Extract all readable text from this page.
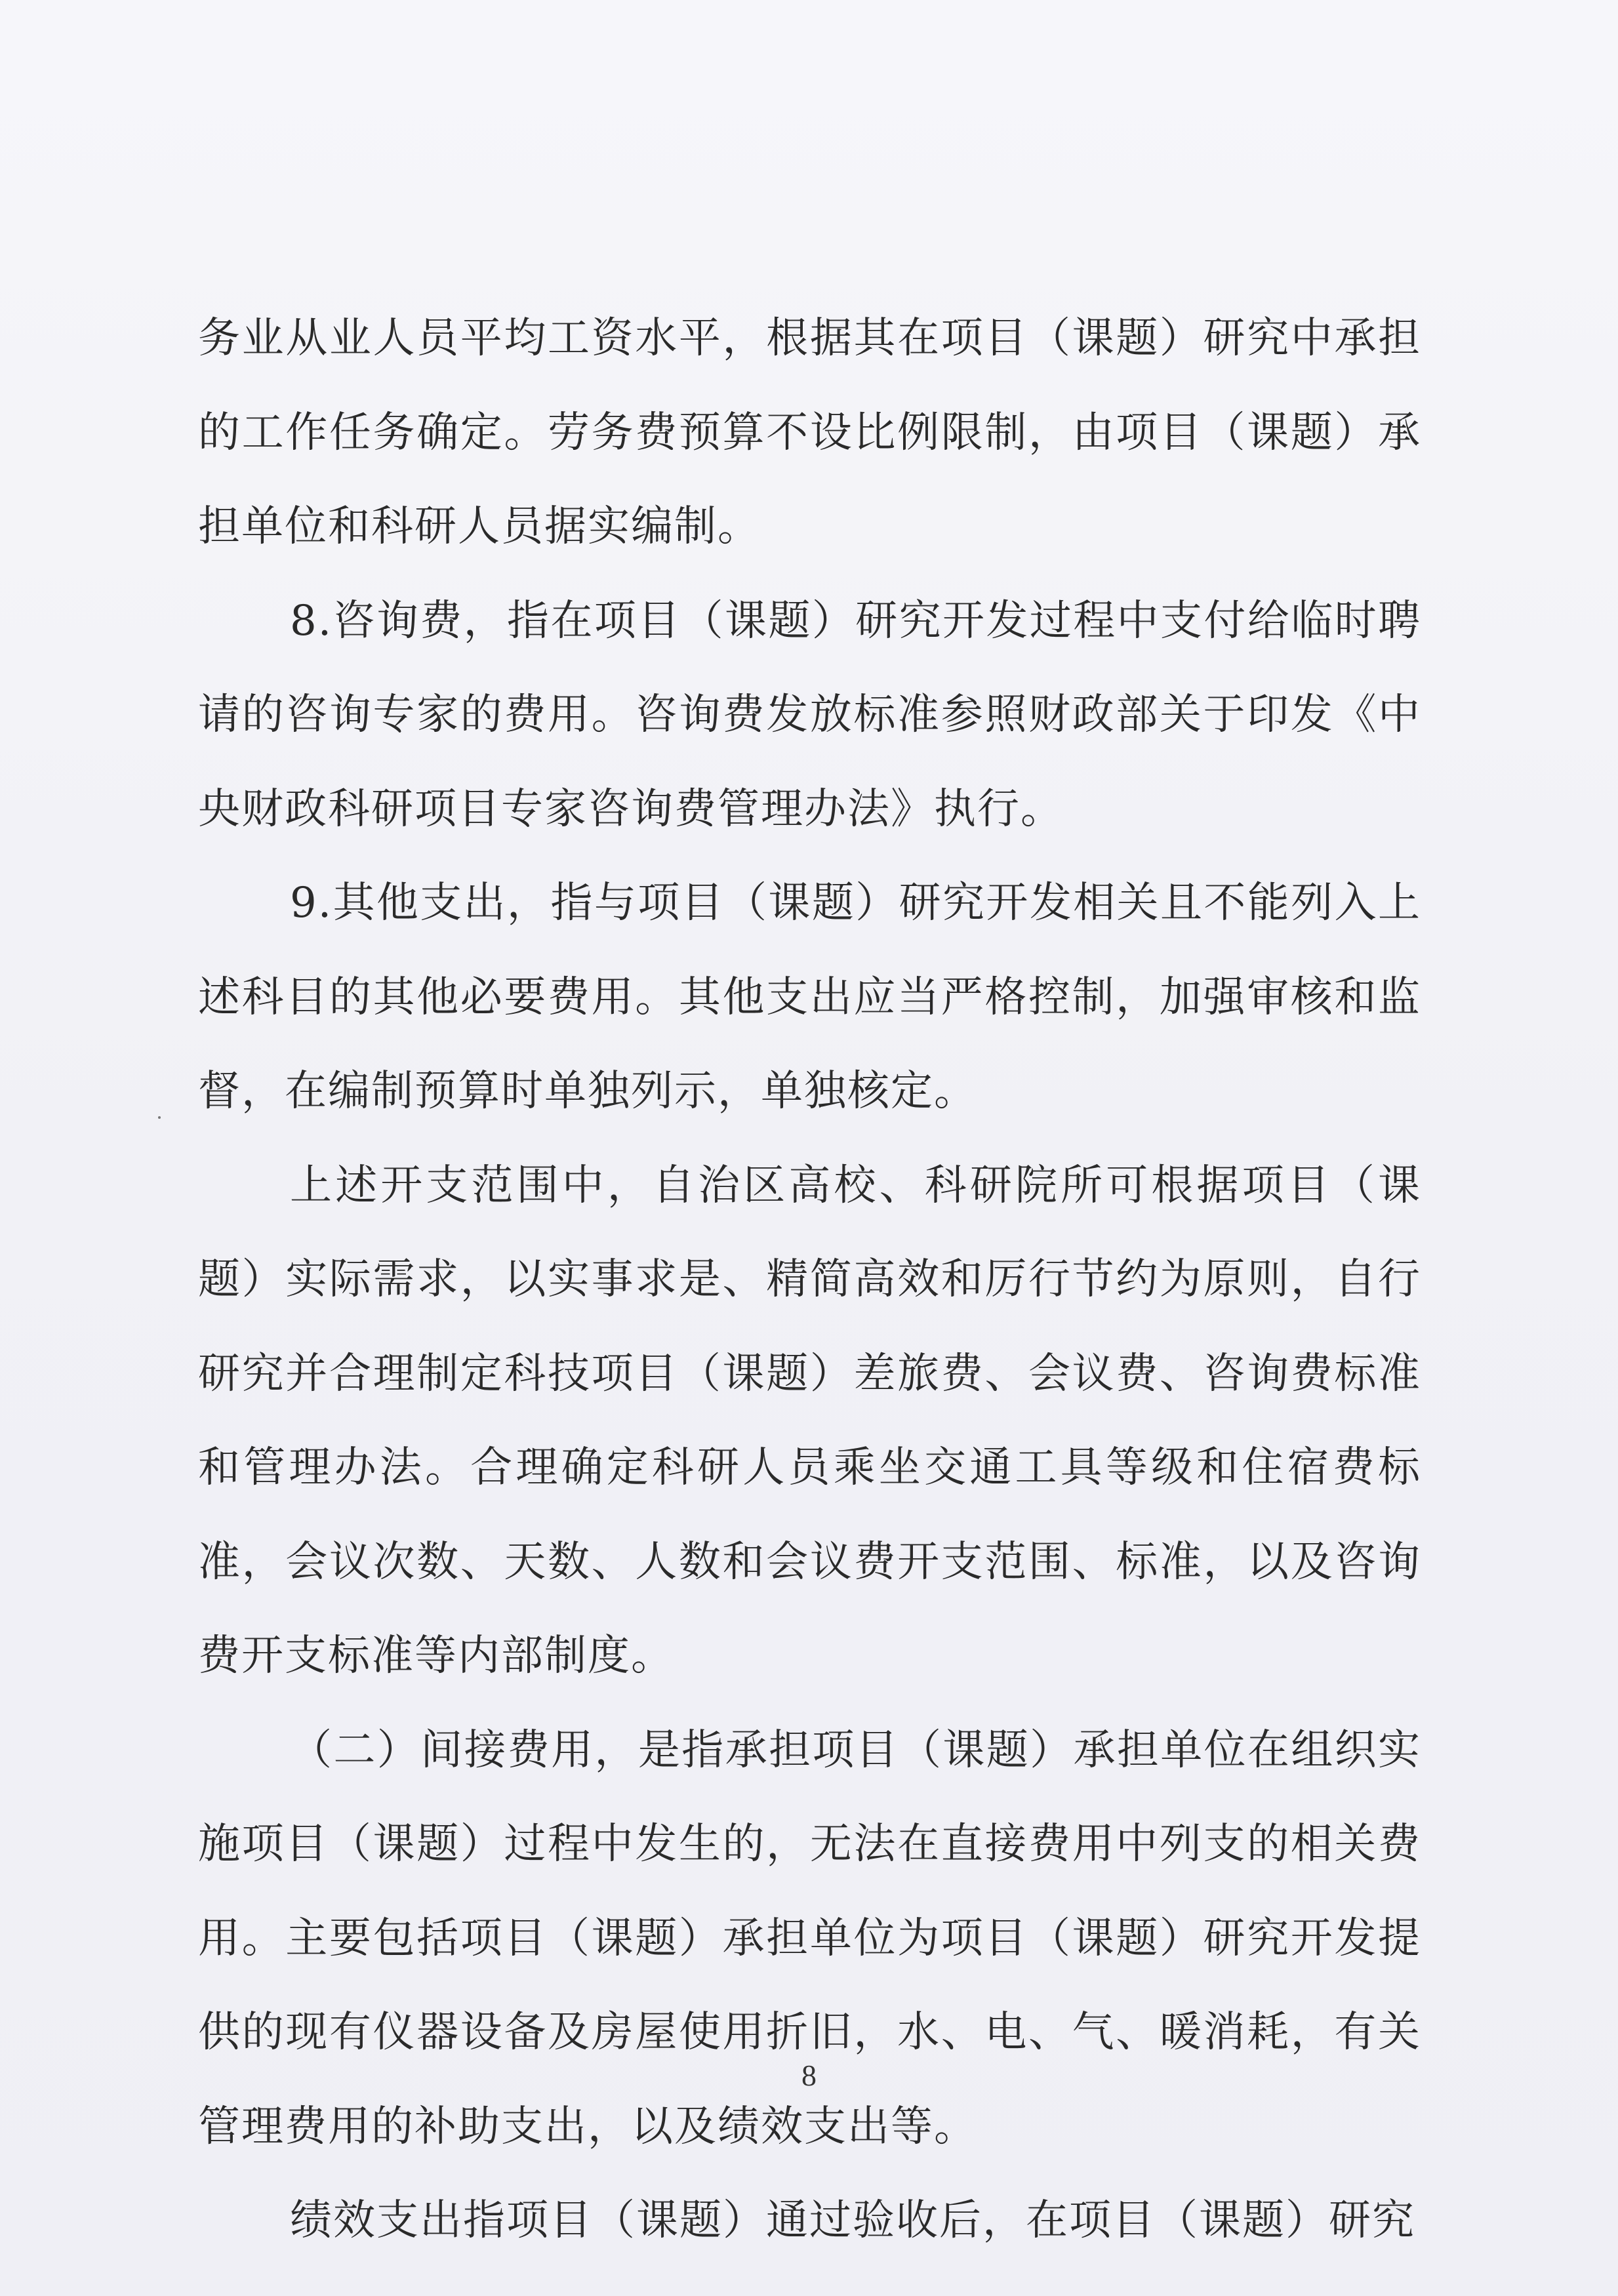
务业从业人员平均工资水平，根据其在项目（课题）研究中承担的工作任务确定。劳务费预算不设比例限制，由项目（课题）承担单位和科研人员据实编制。

8.咨询费，指在项目（课题）研究开发过程中支付给临时聘请的咨询专家的费用。咨询费发放标准参照财政部关于印发《中央财政科研项目专家咨询费管理办法》执行。

9.其他支出，指与项目（课题）研究开发相关且不能列入上述科目的其他必要费用。其他支出应当严格控制，加强审核和监督，在编制预算时单独列示，单独核定。

上述开支范围中，自治区高校、科研院所可根据项目（课题）实际需求，以实事求是、精简高效和厉行节约为原则，自行研究并合理制定科技项目（课题）差旅费、会议费、咨询费标准和管理办法。合理确定科研人员乘坐交通工具等级和住宿费标准，会议次数、天数、人数和会议费开支范围、标准，以及咨询费开支标准等内部制度。

（二）间接费用，是指承担项目（课题）承担单位在组织实施项目（课题）过程中发生的，无法在直接费用中列支的相关费用。主要包括项目（课题）承担单位为项目（课题）研究开发提供的现有仪器设备及房屋使用折旧，水、电、气、暖消耗，有关管理费用的补助支出，以及绩效支出等。

绩效支出指项目（课题）通过验收后，在项目（课题）研究

8
